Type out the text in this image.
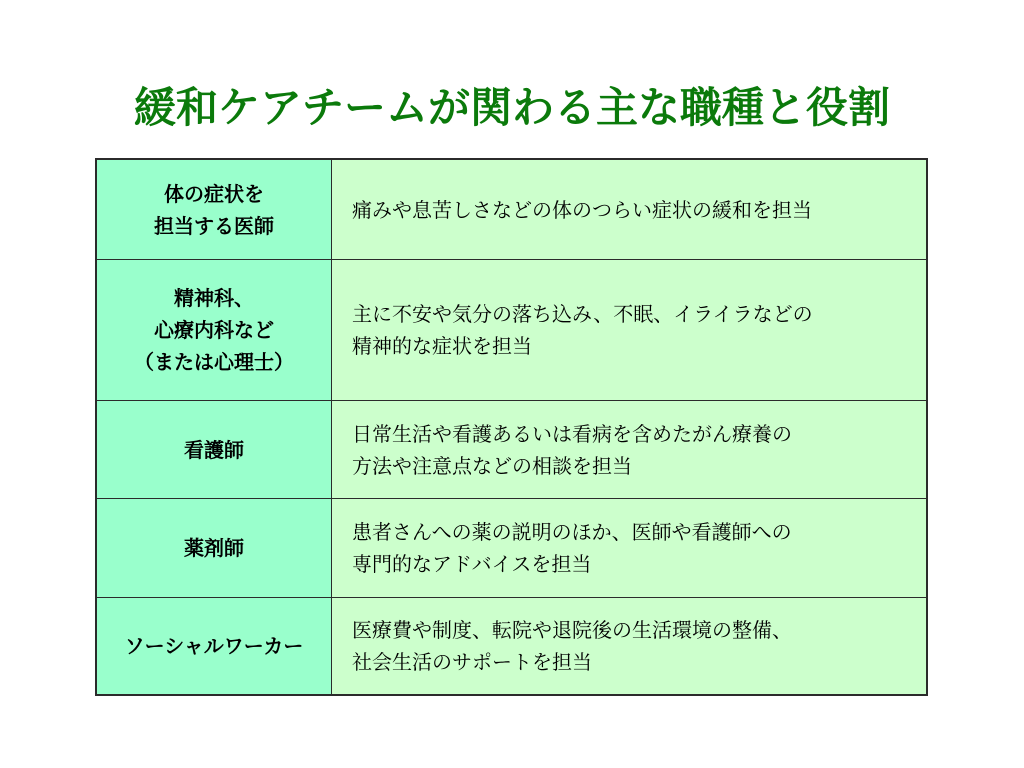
緩和ケアチームが関わる主な職種と役割
体の症状を
担当する医師
痛みや息苦しさなどの体のつらい症状の緩和を担当
精神科、
心療内科など
（または心理士）
主に不安や気分の落ち込み、不眠、イライラなどの
精神的な症状を担当
看護師
日常生活や看護あるいは看病を含めたがん療養の
方法や注意点などの相談を担当
薬剤師
患者さんへの薬の説明のほか、医師や看護師への
専門的なアドバイスを担当
ソーシャルワーカー
医療費や制度、転院や退院後の生活環境の整備、
社会生活のサポートを担当
